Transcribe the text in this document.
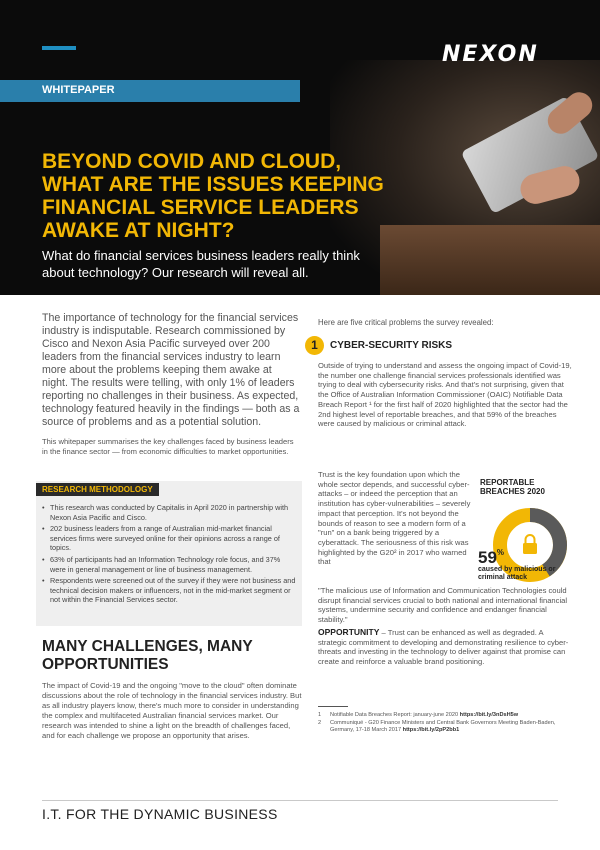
NEXON
WHITEPAPER
BEYOND COVID AND CLOUD, WHAT ARE THE ISSUES KEEPING FINANCIAL SERVICE LEADERS AWAKE AT NIGHT?

What do financial services business leaders really think about technology? Our research will reveal all.

The importance of technology for the financial services industry is indisputable. Research commissioned by Cisco and Nexon Asia Pacific surveyed over 200 leaders from the financial services industry to learn more about the problems keeping them awake at night. The results were telling, with only 1% of leaders reporting no challenges in their business. As expected, technology featured heavily in the findings — both as a source of problems and as a potential solution.

This whitepaper summarises the key challenges faced by business leaders in the finance sector — from economic difficulties to market opportunities.

RESEARCH METHODOLOGY
• This research was conducted by Capitalis in April 2020 in partnership with Nexon Asia Pacific and Cisco.
• 202 business leaders from a range of Australian mid-market financial services firms were surveyed online for their opinions across a range of topics.
• 63% of participants had an Information Technology role focus, and 37% were in general management or line of business management.
• Respondents were screened out of the survey if they were not business and technical decision makers or influencers, not in the mid-market segment or not within the Financial Services sector.
MANY CHALLENGES, MANY OPPORTUNITIES

The impact of Covid-19 and the ongoing "move to the cloud" often dominate discussions about the role of technology in the financial services industry. But as all industry players know, there's much more to consider in understanding the complex and multifaceted Australian financial services market. Our research was intended to shine a light on the breadth of challenges faced, and for each challenge we propose an opportunity that arises.

Here are five critical problems the survey revealed:

1	CYBER-SECURITY RISKS

Outside of trying to understand and assess the ongoing impact of Covid-19, the number one challenge financial services professionals identified was trying to deal with cybersecurity risks. And that's not surprising, given that the Office of Australian Information Commissioner (OAIC) Notifiable Data Breach Report ¹ for the first half of 2020 highlighted that the sector had the 2nd highest level of reportable breaches, and that 59% of the breaches were caused by malicious or criminal attack.

Trust is the key foundation upon which the whole sector depends, and successful cyber-attacks – or indeed the perception that an institution has cyber-vulnerabilities – severely impact that perception. It's not beyond the bounds of reason to see a modern form of a "run" on a bank being triggered by a cyberattack. The seriousness of this risk was highlighted by the G20² in 2017 who warned that

"The malicious use of Information and Communication Technologies could disrupt financial services crucial to both national and international financial systems, undermine security and confidence and endanger financial stability."

REPORTABLE BREACHES 2020
59%
caused by malicious or criminal attack

OPPORTUNITY – Trust can be enhanced as well as degraded. A strategic commitment to developing and demonstrating resilience to cyber-threats and investing in the technology to deliver against that promise can create and reinforce a valuable brand positioning.

1 Notifiable Data Breaches Report: january-june 2020 https://bit.ly/3nDsH5w
2 Communiqué - G20 Finance Ministers and Central Bank Governors Meeting Baden-Baden, Germany, 17-18 March 2017 https://bit.ly/2pP2bb1
I.T. FOR THE DYNAMIC BUSINESS
